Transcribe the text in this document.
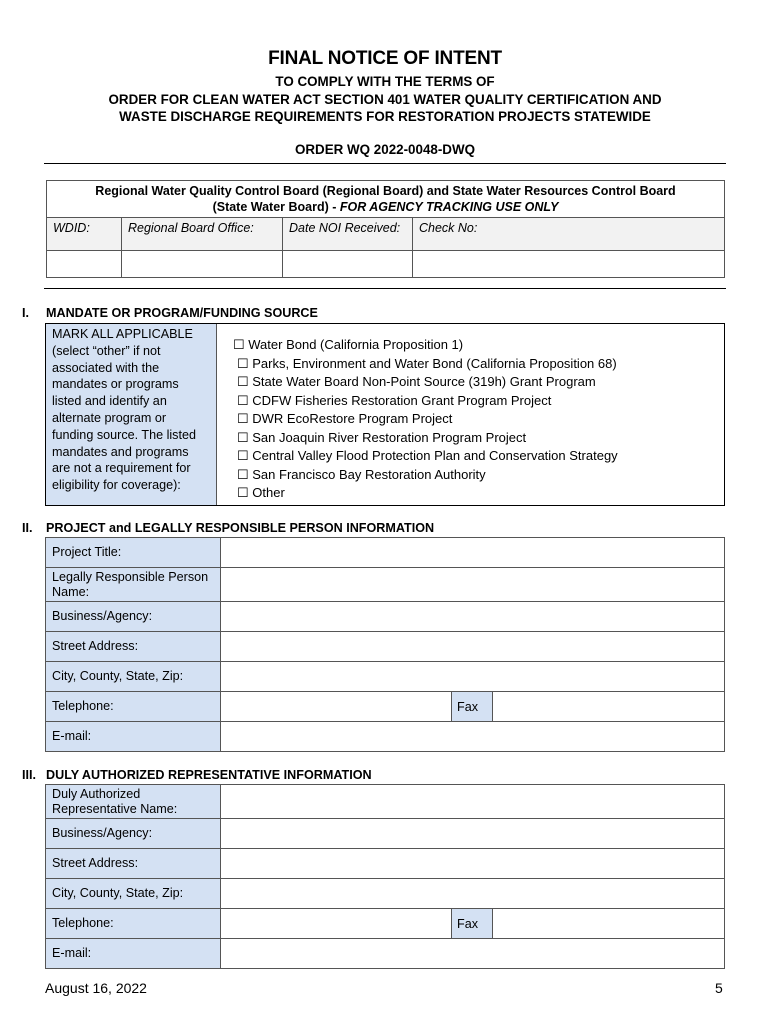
FINAL NOTICE OF INTENT
TO COMPLY WITH THE TERMS OF
ORDER FOR CLEAN WATER ACT SECTION 401 WATER QUALITY CERTIFICATION AND
WASTE DISCHARGE REQUIREMENTS FOR RESTORATION PROJECTS STATEWIDE
ORDER WQ 2022-0048-DWQ
Regional Water Quality Control Board (Regional Board) and State Water Resources Control Board
(State Water Board) - FOR AGENCY TRACKING USE ONLY			
WDID:	Regional Board Office:	Date NOI Received:	Check No:

I. MANDATE OR PROGRAM/FUNDING SOURCE
MARK ALL APPLICABLE (select “other” if not associated with the mandates or programs listed and identify an alternate program or funding source. The listed mandates and programs are not a requirement for eligibility for coverage):
☐ Water Bond (California Proposition 1)
☐ Parks, Environment and Water Bond (California Proposition 68)
☐ State Water Board Non-Point Source (319h) Grant Program
☐ CDFW Fisheries Restoration Grant Program Project
☐ DWR EcoRestore Program Project
☐ San Joaquin River Restoration Program Project
☐ Central Valley Flood Protection Plan and Conservation Strategy
☐ San Francisco Bay Restoration Authority
☐ Other
II. PROJECT and LEGALLY RESPONSIBLE PERSON INFORMATION
Project Title:			
Legally Responsible Person Name:			
Business/Agency:			
Street Address:			
City, County, State, Zip:			
Telephone:		Fax	
E-mail:			
III. DULY AUTHORIZED REPRESENTATIVE INFORMATION
Duly Authorized Representative Name:			
Business/Agency:			
Street Address:			
City, County, State, Zip:			
Telephone:		Fax	
E-mail:			
August 16, 2022	5
